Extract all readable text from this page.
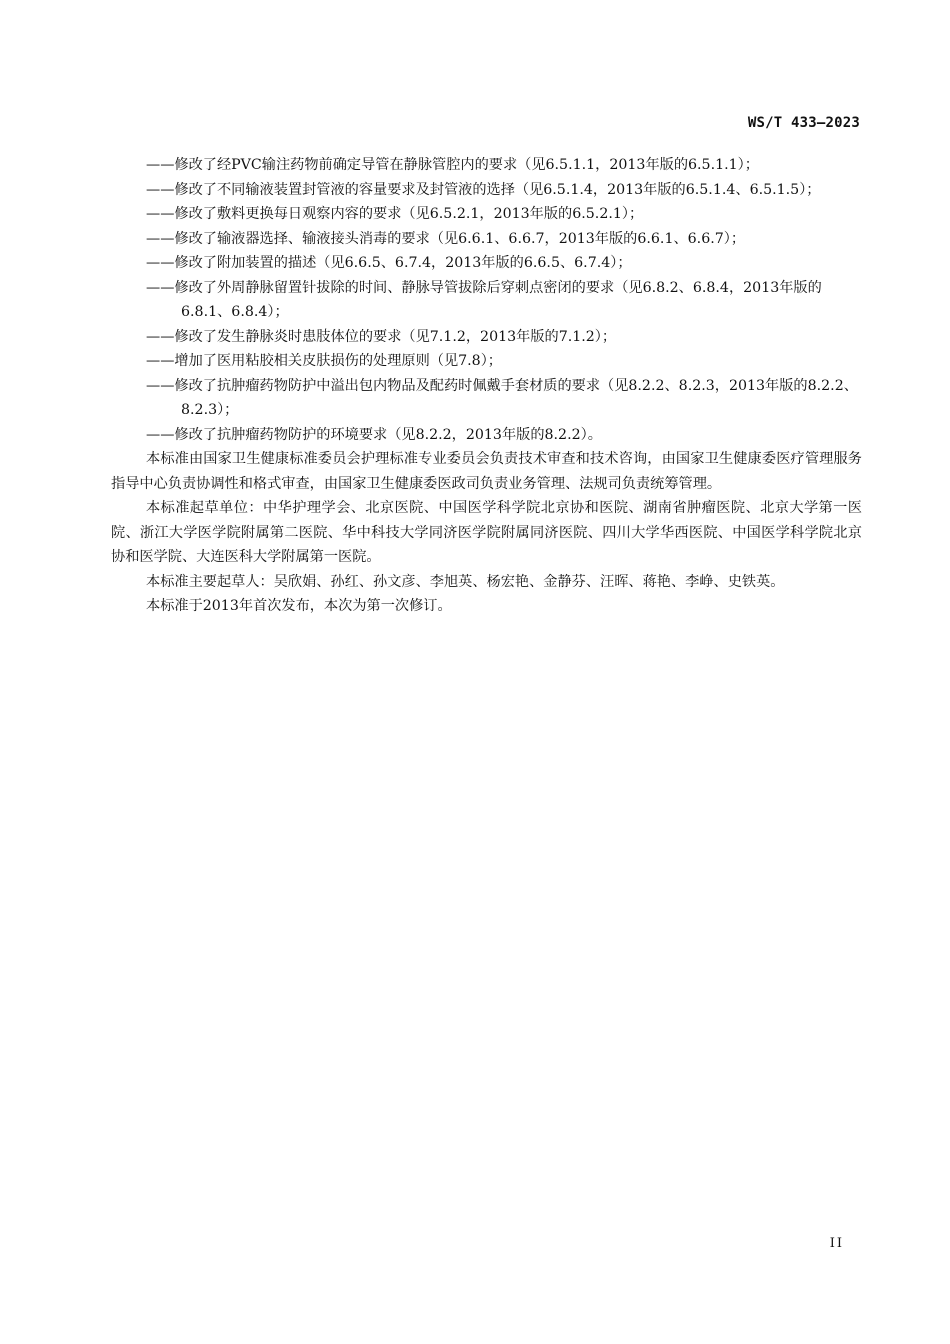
WS/T 433—2023

——修改了经PVC输注药物前确定导管在静脉管腔内的要求（见6.5.1.1，2013年版的6.5.1.1）；

——修改了不同输液装置封管液的容量要求及封管液的选择（见6.5.1.4，2013年版的6.5.1.4、6.5.1.5）；

——修改了敷料更换每日观察内容的要求（见6.5.2.1，2013年版的6.5.2.1）；

——修改了输液器选择、输液接头消毒的要求（见6.6.1、6.6.7，2013年版的6.6.1、6.6.7）；

——修改了附加装置的描述（见6.6.5、6.7.4，2013年版的6.6.5、6.7.4）；

——修改了外周静脉留置针拔除的时间、静脉导管拔除后穿刺点密闭的要求（见6.8.2、6.8.4，2013年版的6.8.1、6.8.4）；

——修改了发生静脉炎时患肢体位的要求（见7.1.2，2013年版的7.1.2）；

——增加了医用粘胶相关皮肤损伤的处理原则（见7.8）；

——修改了抗肿瘤药物防护中溢出包内物品及配药时佩戴手套材质的要求（见8.2.2、8.2.3，2013年版的8.2.2、8.2.3）；

——修改了抗肿瘤药物防护的环境要求（见8.2.2，2013年版的8.2.2）。

本标准由国家卫生健康标准委员会护理标准专业委员会负责技术审查和技术咨询，由国家卫生健康委医疗管理服务指导中心负责协调性和格式审查，由国家卫生健康委医政司负责业务管理、法规司负责统筹管理。

本标准起草单位：中华护理学会、北京医院、中国医学科学院北京协和医院、湖南省肿瘤医院、北京大学第一医院、浙江大学医学院附属第二医院、华中科技大学同济医学院附属同济医院、四川大学华西医院、中国医学科学院北京协和医学院、大连医科大学附属第一医院。

本标准主要起草人：吴欣娟、孙红、孙文彦、李旭英、杨宏艳、金静芬、汪晖、蒋艳、李峥、史铁英。

本标准于2013年首次发布，本次为第一次修订。

II
